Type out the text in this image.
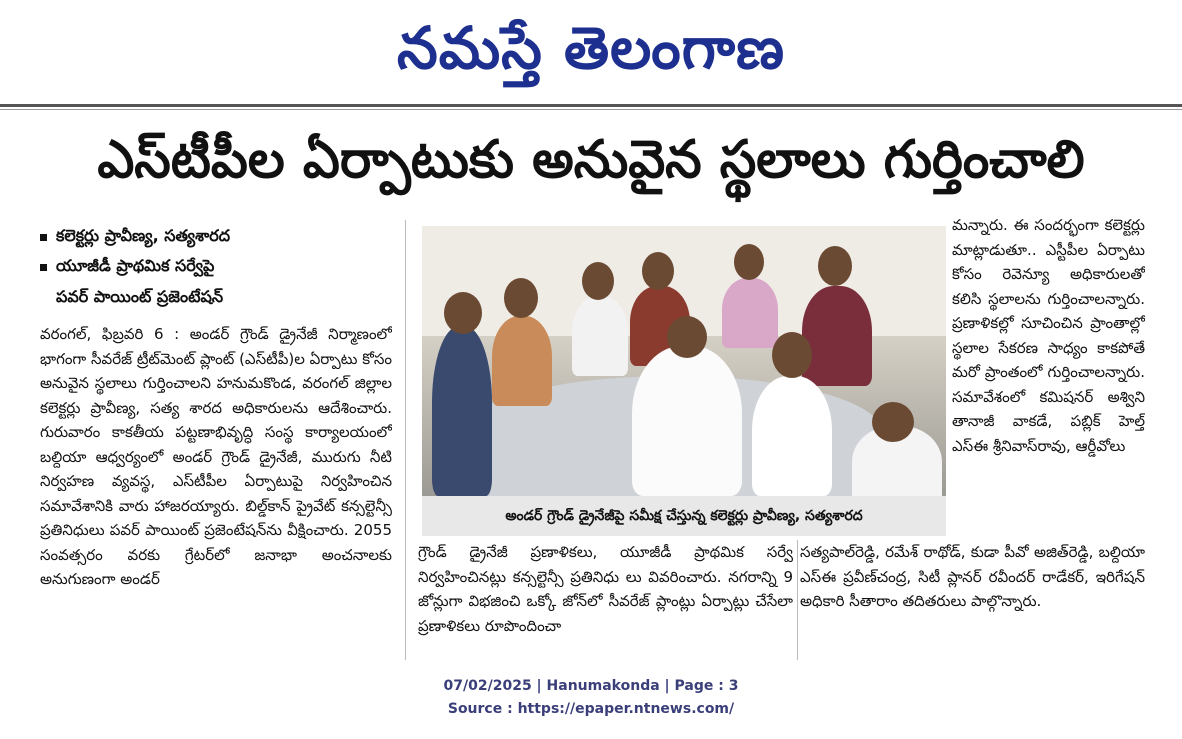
నమస్తే తెలంగాణ
ఎస్‌టీపీల ఏర్పాటుకు అనువైన స్థలాలు గుర్తించాలి
కలెక్టర్లు ప్రావీణ్య, సత్యశారద
యూజీడీ ప్రాథమిక సర్వేపై
పవర్‌ పాయింట్‌ ప్రజెంటేషన్‌
వరంగల్‌, ఫిబ్రవరి 6 : అండర్‌ గ్రౌండ్‌ డ్రైనేజీ నిర్మాణంలో భాగంగా సీవరేజ్‌ ట్రీట్‌మెంట్‌ ప్లాంట్‌ (ఎస్‌టీపీ)ల ఏర్పాటు కోసం అనువైన స్థలాలు గుర్తించాలని హనుమకొండ, వరంగల్‌ జిల్లాల కలెక్టర్లు ప్రావీణ్య, సత్య శారద అధికారులను ఆదేశించారు. గురువారం కాకతీయ పట్టణాభివృద్ధి సంస్థ కార్యాలయంలో బల్దియా ఆధ్వర్యంలో అండర్‌ గ్రౌండ్‌ డ్రైనేజీ, మురుగు నీటి నిర్వహణ వ్యవస్థ, ఎస్‌టీపీల ఏర్పాటుపై నిర్వహించిన సమావేశానికి వారు హాజరయ్యారు. బిల్డ్‌కాన్‌ ప్రైవేట్‌ కన్సల్టెన్సీ ప్రతినిధులు పవర్‌ పాయింట్‌ ప్రజెంటేషన్‌ను వీక్షించారు. 2055 సంవత్సరం వరకు గ్రేటర్‌లో జనాభా అంచనాలకు అనుగుణంగా అండర్‌
అండర్‌ గ్రౌండ్‌ డ్రైనేజీపై సమీక్ష చేస్తున్న కలెక్టర్లు ప్రావీణ్య, సత్యశారద
మన్నారు. ఈ సందర్భంగా కలెక్టర్లు మాట్లాడుతూ.. ఎస్టీపీల ఏర్పాటు కోసం రెవెన్యూ అధికారులతో కలిసి స్థలాలను గుర్తించాలన్నారు. ప్రణాళికల్లో సూచించిన ప్రాంతాల్లో స్థలాల సేకరణ సాధ్యం కాకపోతే మరో ప్రాంతంలో గుర్తించాలన్నారు. సమావేశంలో కమిషనర్‌ అశ్విని తానాజీ వాకడే, పబ్లిక్‌ హెల్త్‌ ఎస్‌ఈ శ్రీనివాస్‌రావు, ఆర్డీవోలు
గ్రౌండ్‌ డ్రైనేజీ ప్రణాళికలు, యూజీడీ ప్రాథమిక సర్వే నిర్వహించినట్లు కన్సల్టెన్సీ ప్రతినిధు లు వివరించారు. నగరాన్ని 9 జోన్లుగా విభజించి ఒక్కో జోన్‌లో సీవరేజ్‌ ప్లాంట్లు ఏర్పాట్లు చేసేలా ప్రణాళికలు రూపొందించా
సత్యపాల్‌రెడ్డి, రమేశ్‌ రాథోడ్‌, కుడా పీవో అజిత్‌రెడ్డి, బల్దియా ఎస్‌ఈ ప్రవీణ్‌చంద్ర, సిటీ ప్లానర్‌ రవీందర్‌ రాడేకర్‌, ఇరిగేషన్‌ అధికారి సీతారాం తదితరులు పాల్గొన్నారు.
07/02/2025 | Hanumakonda | Page : 3
Source : https://epaper.ntnews.com/
